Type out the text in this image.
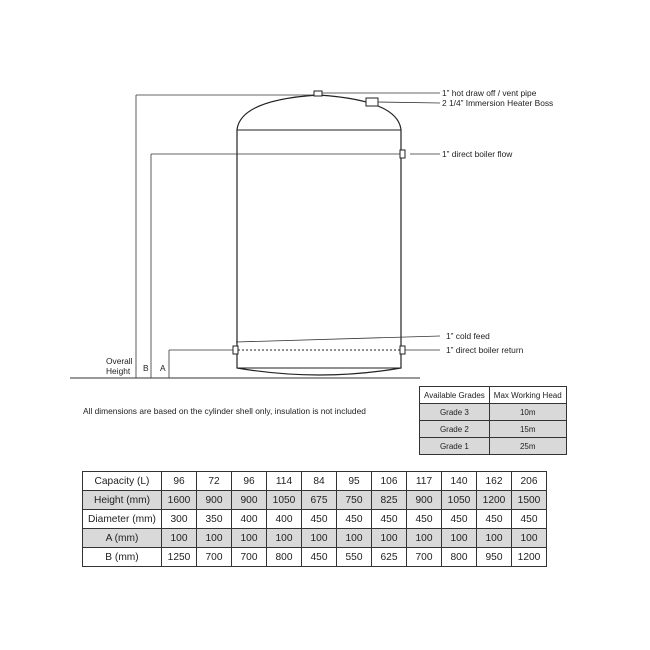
1” hot draw off / vent pipe
2 1/4” Immersion Heater Boss
1” direct boiler flow
1” cold feed
1” direct boiler return
Overall
Height B A
All dimensions are based on the cylinder shell only, insulation is not included
Available Grades	Max Working Head
Grade 3	10m
Grade 2	15m
Grade 1	25m
Capacity (L)	96	72	96	114	84	95	106	117	140	162	206
Height (mm)	1600	900	900	1050	675	750	825	900	1050	1200	1500
Diameter (mm)	300	350	400	400	450	450	450	450	450	450	450
A (mm)	100	100	100	100	100	100	100	100	100	100	100
B (mm)	1250	700	700	800	450	550	625	700	800	950	1200
